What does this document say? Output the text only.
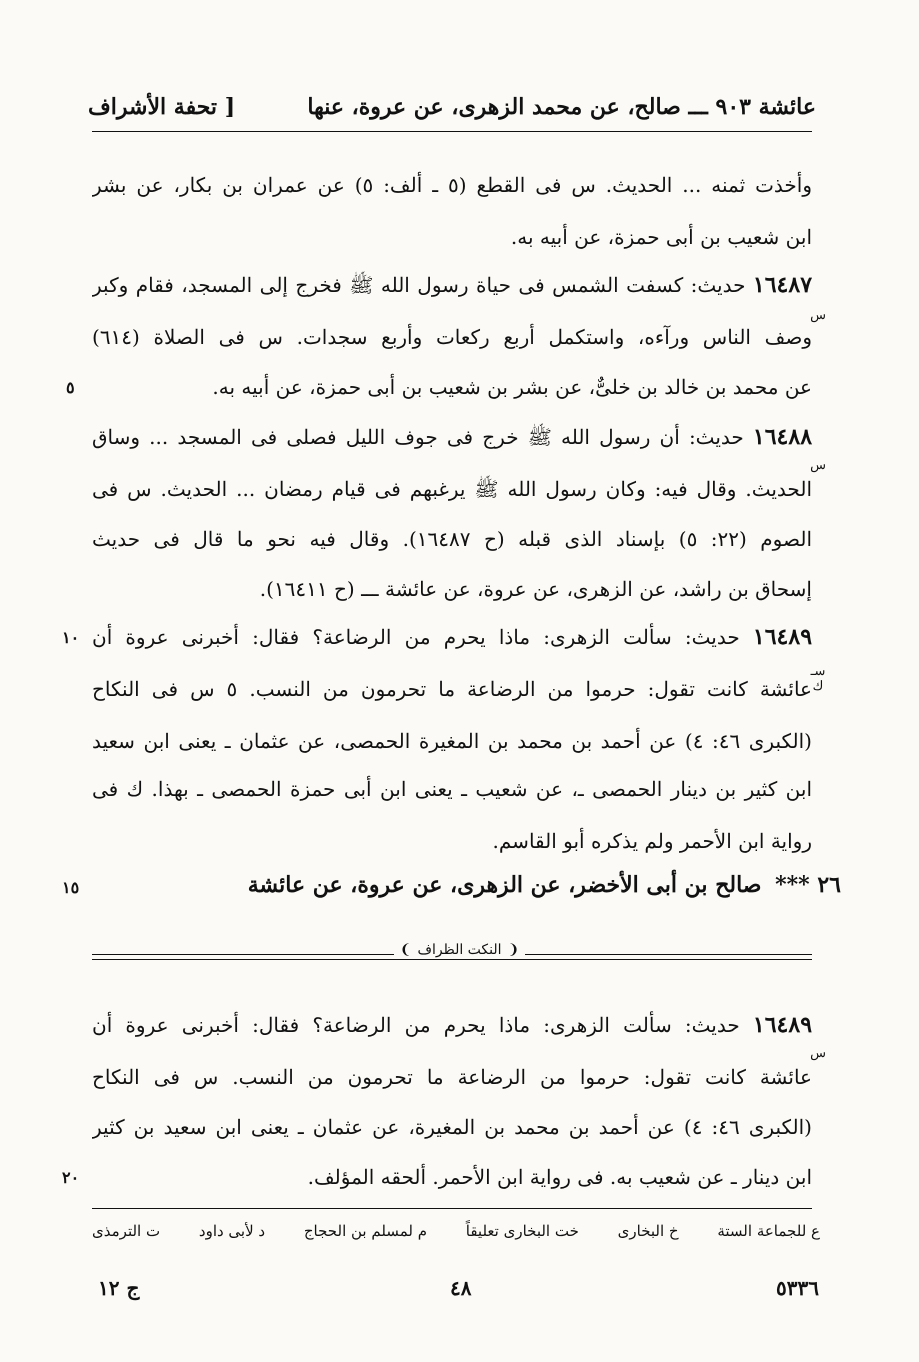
عائشة ٩٠٣ ـــ صالح، عن محمد الزهرى، عن عروة، عنها
[ تحفة الأشراف
وأخذت ثمنه ... الحديث. س فى القطع (٥ ـ ألف: ٥) عن عمران بن بكار، عن بشر
ابن شعيب بن أبى حمزة، عن أبيه به.
١٦٤٨٧ حديث: كسفت الشمس فى حياة رسول الله ﷺ فخرج إلى المسجد، فقام وكبر
وصف الناس ورآءه، واستكمل أربع ركعات وأربع سجدات. س فى الصلاة (٦١٤)
عن محمد بن خالد بن خلىٌّ، عن بشر بن شعيب بن أبى حمزة، عن أبيه به.
١٦٤٨٨ حديث: أن رسول الله ﷺ خرج فى جوف الليل فصلى فى المسجد ... وساق
الحديث. وقال فيه: وكان رسول الله ﷺ يرغبهم فى قيام رمضان ... الحديث. س فى
الصوم (٢٢: ٥) بإسناد الذى قبله (ح ١٦٤٨٧). وقال فيه نحو ما قال فى حديث
إسحاق بن راشد، عن الزهرى، عن عروة، عن عائشة ـــ (ح ١٦٤١١).
١٦٤٨٩ حديث: سألت الزهرى: ماذا يحرم من الرضاعة؟ فقال: أخبرنى عروة أن
عائشة كانت تقول: حرموا من الرضاعة ما تحرمون من النسب. ٥ س فى النكاح
(الكبرى ٤٦: ٤) عن أحمد بن محمد بن المغيرة الحمصى، عن عثمان ـ يعنى ابن سعيد
ابن كثير بن دينار الحمصى ـ، عن شعيب ـ يعنى ابن أبى حمزة الحمصى ـ بهذا. ك فى
رواية ابن الأحمر ولم يذكره أبو القاسم.
٢٦ *** صالح بن أبى الأخضر، عن الزهرى، عن عروة، عن عائشة
س
س
سـ ك
س
٥
١٠
١٥
٢٠
❨النكت الظراف❩
١٦٤٨٩ حديث: سألت الزهرى: ماذا يحرم من الرضاعة؟ فقال: أخبرنى عروة أن
عائشة كانت تقول: حرموا من الرضاعة ما تحرمون من النسب. س فى النكاح
(الكبرى ٤٦: ٤) عن أحمد بن محمد بن المغيرة، عن عثمان ـ يعنى ابن سعيد بن كثير
ابن دينار ـ عن شعيب به. فى رواية ابن الأحمر. ألحقه المؤلف.
ع للجماعة الستة
خ البخارى
خت البخارى تعليقاً
م لمسلم بن الحجاج
د لأبى داود
ت الترمذى
٥٣٣٦
٤٨
ج ١٢
